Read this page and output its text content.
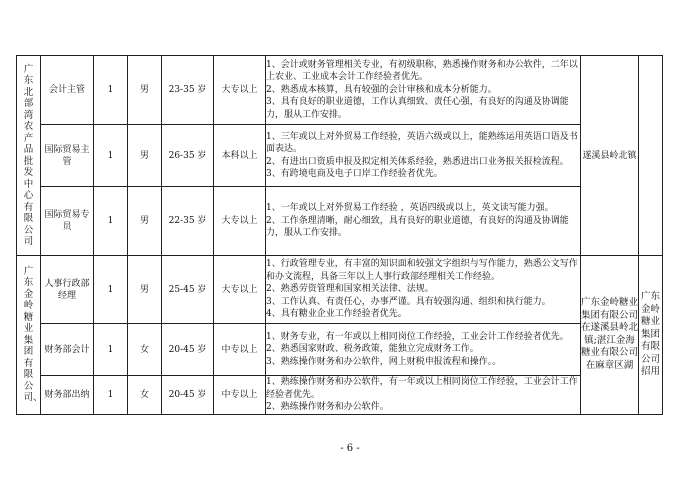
广东北部湾农产品批发中心有限公司	会计主管	1	男	23-35 岁	大专以上	1、会计或财务管理相关专业，有初级职称，熟悉操作财务和办公软件，二年以上农业、工业成本会计工作经验者优先。
2、熟悉成本核算，具有较强的会计审核和成本分析能力。
3、具有良好的职业道德，工作认真细致、责任心强，有良好的沟通及协调能力，服从工作安排。	遂溪县岭北镇	
	国际贸易主管	1	男	26-35 岁	本科以上	1、三年或以上对外贸易工作经验，英语六级或以上，能熟练运用英语口语及书面表达。
2、有进出口资质申报及拟定相关体系经验，熟悉进出口业务报关报检流程。
3、有跨境电商及电子口岸工作经验者优先。		

	国际贸易专员	1	男	22-35 岁	大专以上	1、一年或以上对外贸易工作经验 ，英语四级或以上，英文读写能力强。
2、工作条理清晰，耐心细致，具有良好的职业道德，有良好的沟通及协调能力，服从工作安排。		

广东金岭糖业集团有限公司、	人事行政部经理	1	男	25-45 岁	大专以上	1、行政管理专业，有丰富的知识面和较强文字组织与写作能力，熟悉公文写作和办文流程，具备三年以上人事行政部经理相关工作经验。
2、熟悉劳资管理和国家相关法律、法规。
3、工作认真、有责任心，办事严谨。具有较强沟通、组织和执行能力。
4、具有糖业企业工作经验者优先。	广东金岭糖业集团有限公司在遂溪县岭北镇;湛江金海糖业有限公司在麻章区湖	广东金岭糖业集团有限公司招用
	财务部会计	1	女	20-45 岁	中专以上	1、财务专业，有一年或以上相同岗位工作经验，工业会计工作经验者优先。
2、熟悉国家财政、税务政策，能独立完成财务工作。
3、熟练操作财务和办公软件，网上财税申报流程和操作。。		

	财务部出纳	1	女	20-45 岁	中专以上	1、熟练操作财务和办公软件，有一年或以上相同岗位工作经验，工业会计工作经验者优先。
2、熟练操作财务和办公软件。		
- 6 -
